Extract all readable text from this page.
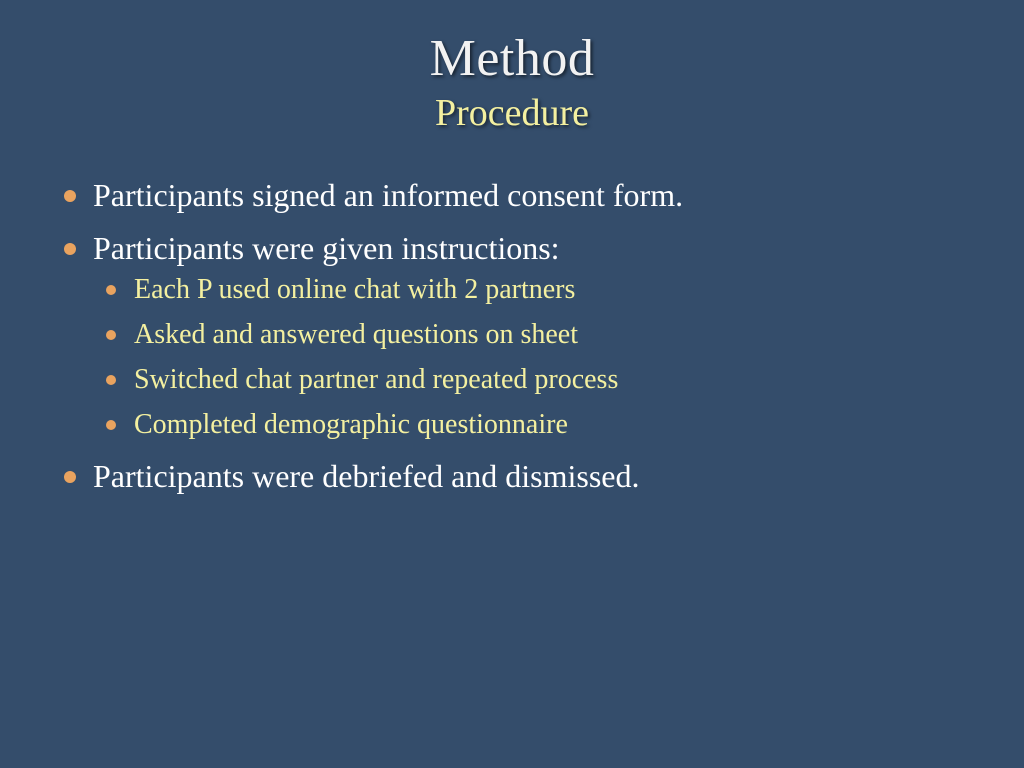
Method
Procedure
Participants signed an informed consent form.
Participants were given instructions:
Each P used online chat with 2 partners
Asked and answered questions on sheet
Switched chat partner and repeated process
Completed demographic questionnaire
Participants were debriefed and dismissed.
